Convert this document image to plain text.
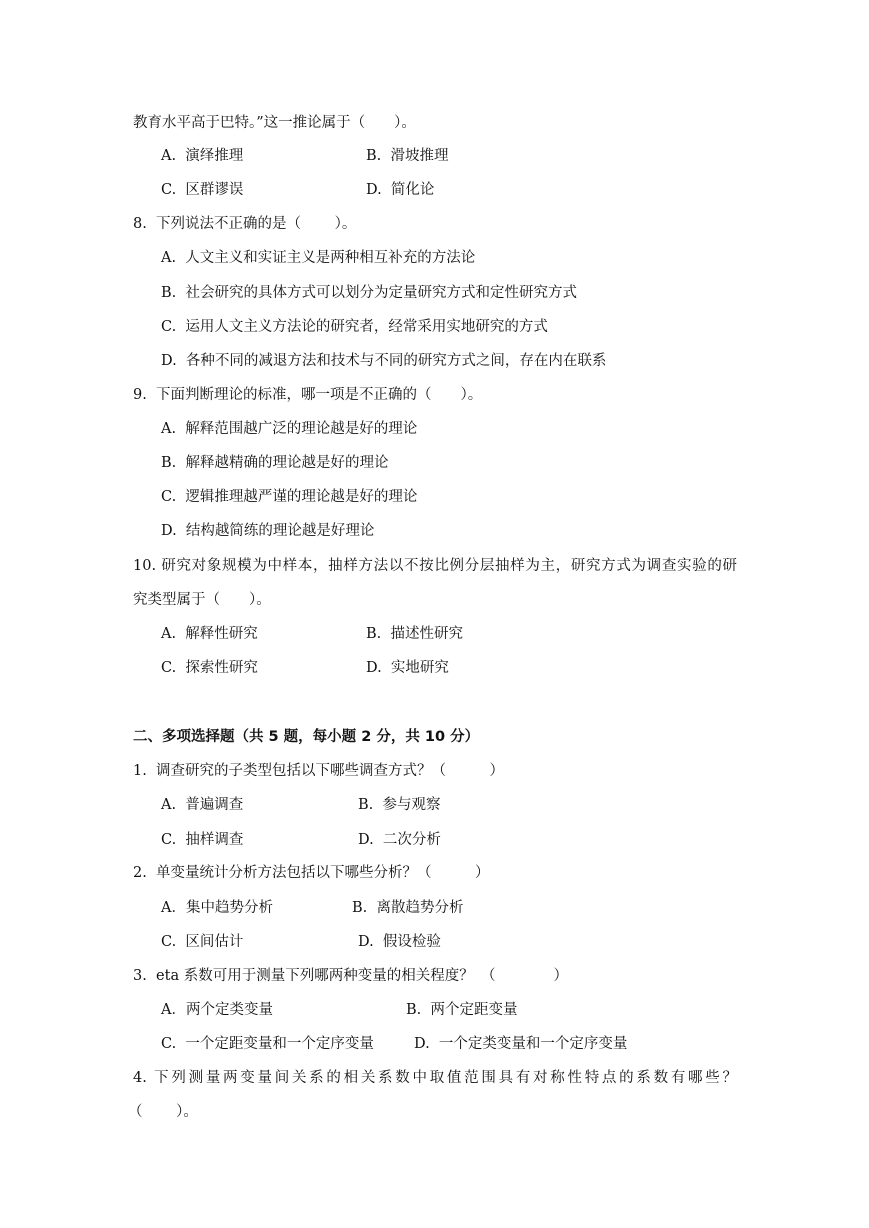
教育水平高于巴特。”这一推论属于（　　）。
A.  演绎推理	B.  滑坡推理
C.  区群谬误	D.  简化论
8.  下列说法不正确的是（　　 ）。
A.  人文主义和实证主义是两种相互补充的方法论
B.  社会研究的具体方式可以划分为定量研究方式和定性研究方式
C.  运用人文主义方法论的研究者，经常采用实地研究的方式
D.  各种不同的减退方法和技术与不同的研究方式之间，存在内在联系
9.  下面判断理论的标准，哪一项是不正确的（　　）。
A.  解释范围越广泛的理论越是好的理论
B.  解释越精确的理论越是好的理论
C.  逻辑推理越严谨的理论越是好的理论
D.  结构越简练的理论越是好理论
10. 研究对象规模为中样本，抽样方法以不按比例分层抽样为主，研究方式为调查实验的研
究类型属于（　　）。
A.  解释性研究	B.  描述性研究
C.  探索性研究	D.  实地研究
二、多项选择题（共 5 题，每小题 2 分，共 10 分）
1.  调查研究的子类型包括以下哪些调查方式？（　　　）
A.  普遍调查	B.  参与观察
C.  抽样调查	D.  二次分析
2.  单变量统计分析方法包括以下哪些分析？（　　　）
A．集中趋势分析	B.  离散趋势分析
C.  区间估计	D.  假设检验
3.  eta 系数可用于测量下列哪两种变量的相关程度？　（　　　　）
A．两个定类变量	B.  两个定距变量
C.  一个定距变量和一个定序变量	D.  一个定类变量和一个定序变量
4. 下列测量两变量间关系的相关系数中取值范围具有对称性特点的系数有哪些？
（　　 ）。
